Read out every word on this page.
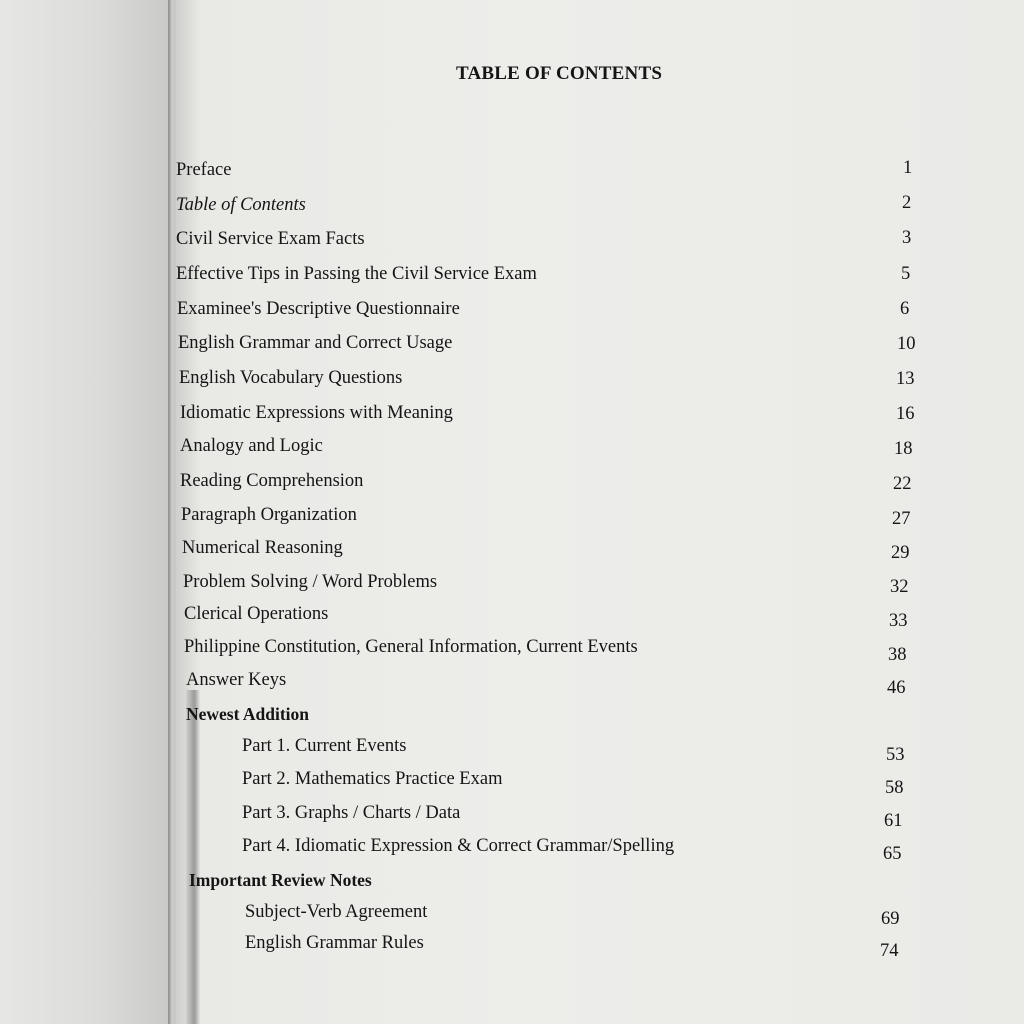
TABLE OF CONTENTS
Preface	1
Table of Contents	2
Civil Service Exam Facts	3
Effective Tips in Passing the Civil Service Exam	5
Examinee's Descriptive Questionnaire	6
English Grammar and Correct Usage	10
English Vocabulary Questions	13
Idiomatic Expressions with Meaning	16
Analogy and Logic	18
Reading Comprehension	22
Paragraph Organization	27
Numerical Reasoning	29
Problem Solving / Word Problems	32
Clerical Operations	33
Philippine Constitution, General Information, Current Events	38
Answer Keys	46
Newest Addition
Part 1. Current Events	53
Part 2. Mathematics Practice Exam	58
Part 3. Graphs / Charts / Data	61
Part 4. Idiomatic Expression & Correct Grammar/Spelling	65
Important Review Notes
Subject-Verb Agreement	69
English Grammar Rules	74
